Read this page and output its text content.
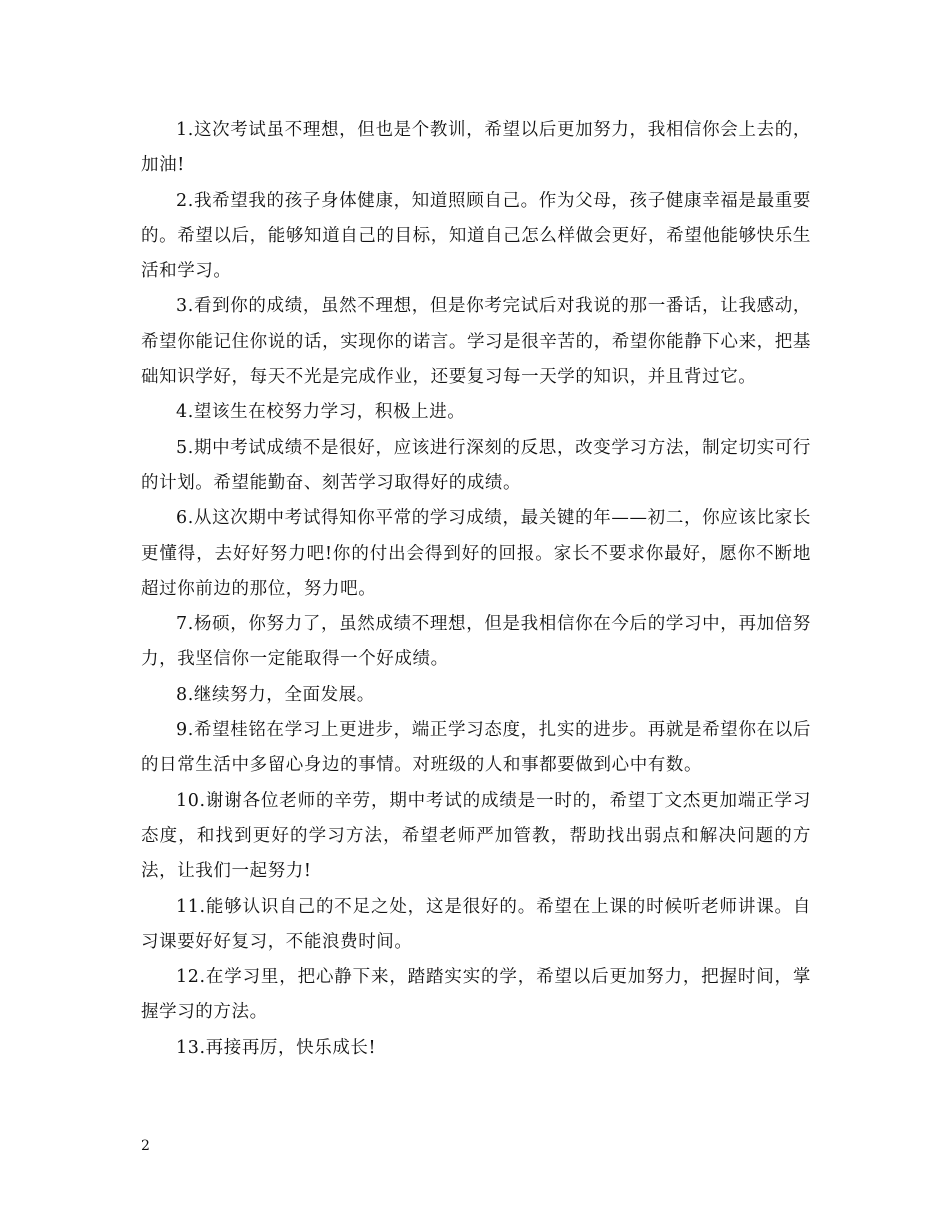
1.这次考试虽不理想，但也是个教训，希望以后更加努力，我相信你会上去的，加油!

2.我希望我的孩子身体健康，知道照顾自己。作为父母，孩子健康幸福是最重要的。希望以后，能够知道自己的目标，知道自己怎么样做会更好，希望他能够快乐生活和学习。

3.看到你的成绩，虽然不理想，但是你考完试后对我说的那一番话，让我感动，希望你能记住你说的话，实现你的诺言。学习是很辛苦的，希望你能静下心来，把基础知识学好，每天不光是完成作业，还要复习每一天学的知识，并且背过它。

4.望该生在校努力学习，积极上进。

5.期中考试成绩不是很好，应该进行深刻的反思，改变学习方法，制定切实可行的计划。希望能勤奋、刻苦学习取得好的成绩。

6.从这次期中考试得知你平常的学习成绩，最关键的年——初二，你应该比家长更懂得，去好好努力吧!你的付出会得到好的回报。家长不要求你最好，愿你不断地超过你前边的那位，努力吧。

7.杨硕，你努力了，虽然成绩不理想，但是我相信你在今后的学习中，再加倍努力，我坚信你一定能取得一个好成绩。

8.继续努力，全面发展。

9.希望桂铭在学习上更进步，端正学习态度，扎实的进步。再就是希望你在以后的日常生活中多留心身边的事情。对班级的人和事都要做到心中有数。

10.谢谢各位老师的辛劳，期中考试的成绩是一时的，希望丁文杰更加端正学习态度，和找到更好的学习方法，希望老师严加管教，帮助找出弱点和解决问题的方法，让我们一起努力!

11.能够认识自己的不足之处，这是很好的。希望在上课的时候听老师讲课。自习课要好好复习，不能浪费时间。

12.在学习里，把心静下来，踏踏实实的学，希望以后更加努力，把握时间，掌握学习的方法。

13.再接再厉，快乐成长!

2
